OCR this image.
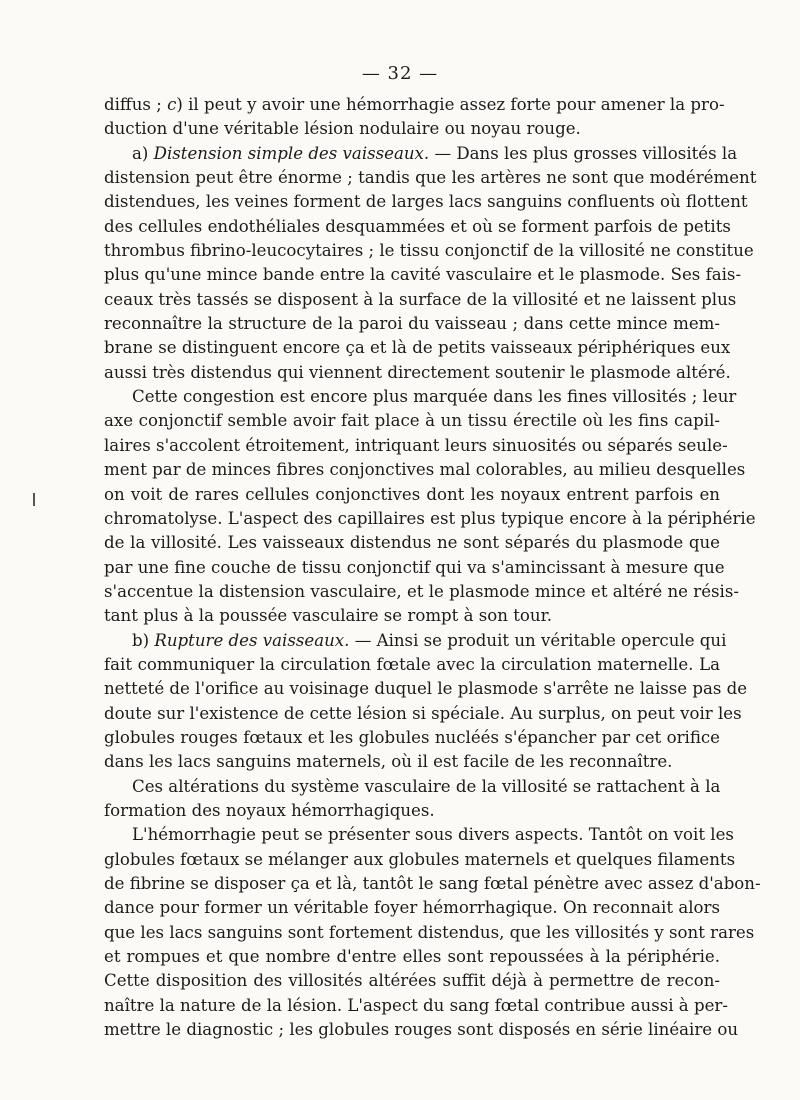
— 32 —
diffus ; c) il peut y avoir une hémorrhagie assez forte pour amener la pro-
duction d'une véritable lésion nodulaire ou noyau rouge.
a) Distension simple des vaisseaux. — Dans les plus grosses villosités la
distension peut être énorme ; tandis que les artères ne sont que modérément
distendues, les veines forment de larges lacs sanguins confluents où flottent
des cellules endothéliales desquammées et où se forment parfois de petits
thrombus fibrino-leucocytaires ; le tissu conjonctif de la villosité ne constitue
plus qu'une mince bande entre la cavité vasculaire et le plasmode. Ses fais-
ceaux très tassés se disposent à la surface de la villosité et ne laissent plus
reconnaître la structure de la paroi du vaisseau ; dans cette mince mem-
brane se distinguent encore ça et là de petits vaisseaux périphériques eux
aussi très distendus qui viennent directement soutenir le plasmode altéré.
Cette congestion est encore plus marquée dans les fines villosités ; leur
axe conjonctif semble avoir fait place à un tissu érectile où les fins capil-
laires s'accolent étroitement, intriquant leurs sinuosités ou séparés seule-
ment par de minces fibres conjonctives mal colorables, au milieu desquelles
on voit de rares cellules conjonctives dont les noyaux entrent parfois en
chromatolyse. L'aspect des capillaires est plus typique encore à la périphérie
de la villosité. Les vaisseaux distendus ne sont séparés du plasmode que
par une fine couche de tissu conjonctif qui va s'amincissant à mesure que
s'accentue la distension vasculaire, et le plasmode mince et altéré ne résis-
tant plus à la poussée vasculaire se rompt à son tour.
b) Rupture des vaisseaux. — Ainsi se produit un véritable opercule qui
fait communiquer la circulation fœtale avec la circulation maternelle. La
netteté de l'orifice au voisinage duquel le plasmode s'arrête ne laisse pas de
doute sur l'existence de cette lésion si spéciale. Au surplus, on peut voir les
globules rouges fœtaux et les globules nucléés s'épancher par cet orifice
dans les lacs sanguins maternels, où il est facile de les reconnaître.
Ces altérations du système vasculaire de la villosité se rattachent à la
formation des noyaux hémorrhagiques.
L'hémorrhagie peut se présenter sous divers aspects. Tantôt on voit les
globules fœtaux se mélanger aux globules maternels et quelques filaments
de fibrine se disposer ça et là, tantôt le sang fœtal pénètre avec assez d'abon-
dance pour former un véritable foyer hémorrhagique. On reconnait alors
que les lacs sanguins sont fortement distendus, que les villosités y sont rares
et rompues et que nombre d'entre elles sont repoussées à la périphérie.
Cette disposition des villosités altérées suffit déjà à permettre de recon-
naître la nature de la lésion. L'aspect du sang fœtal contribue aussi à per-
mettre le diagnostic ; les globules rouges sont disposés en série linéaire ou
